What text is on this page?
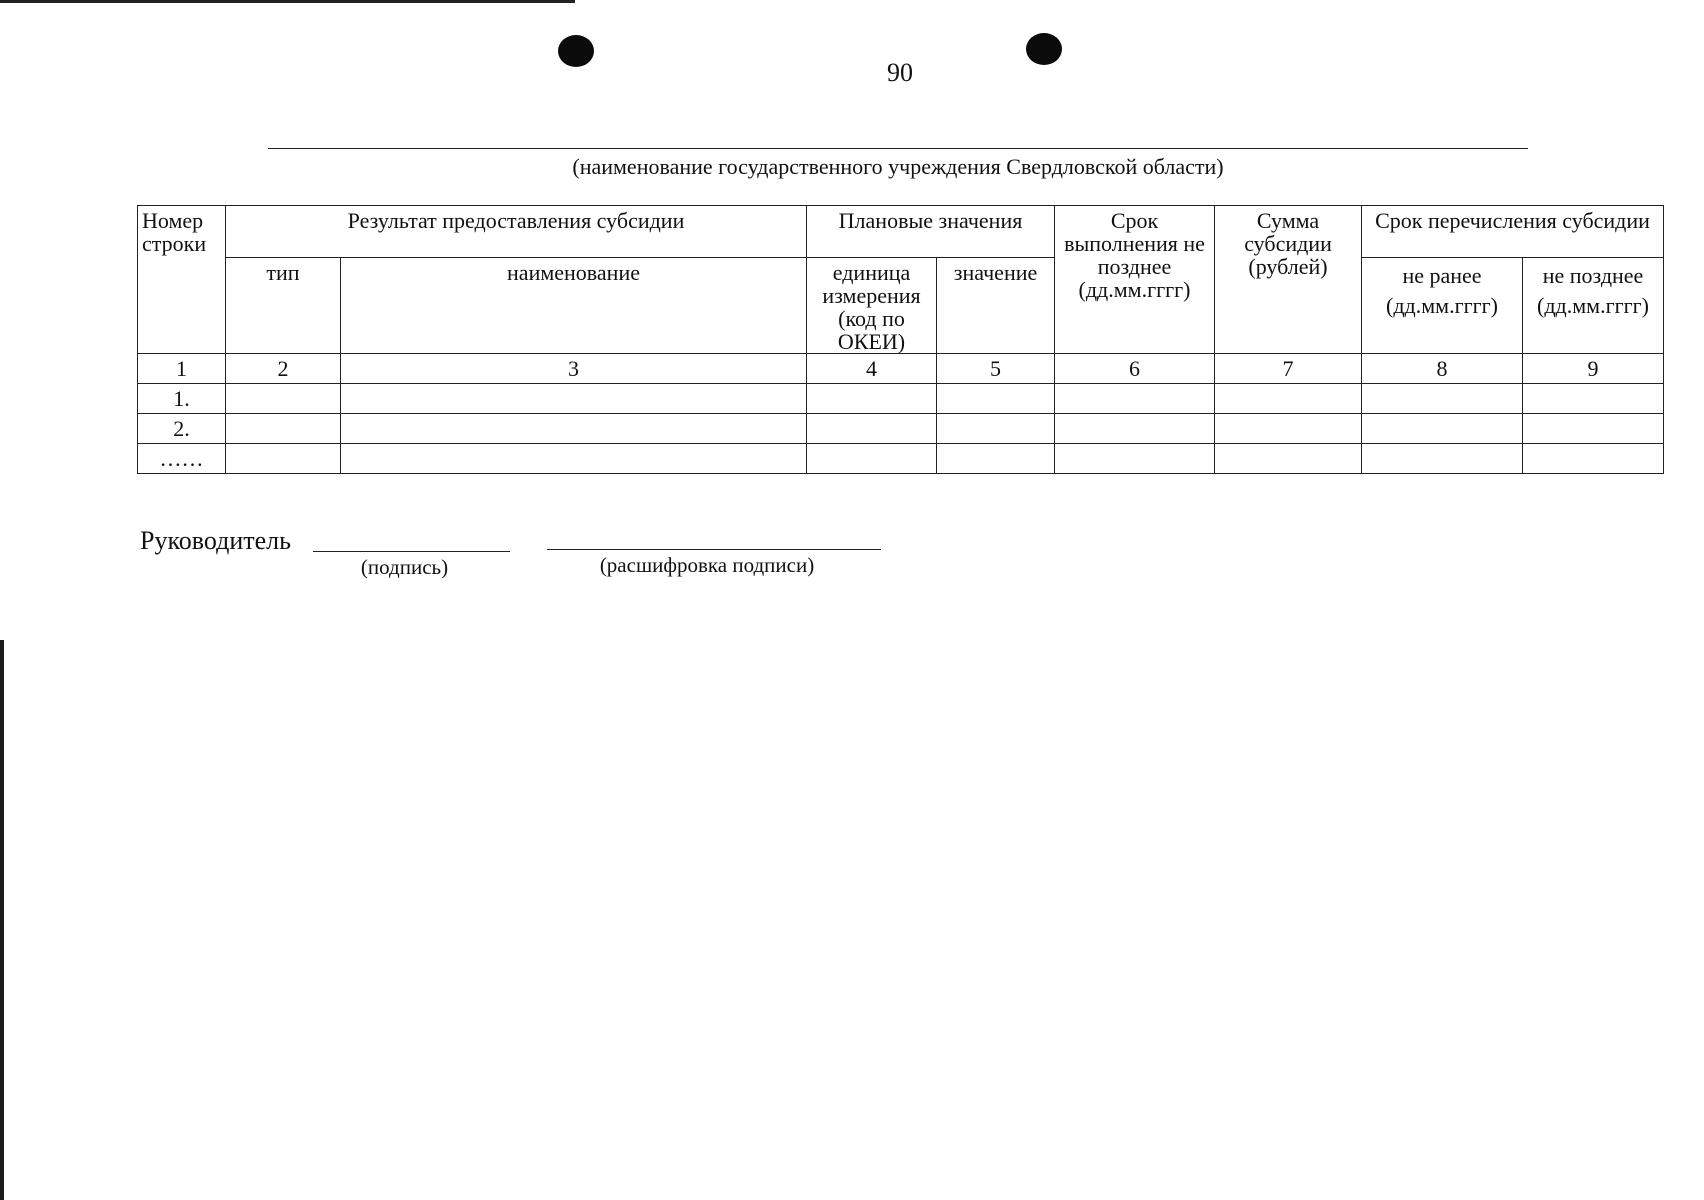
90
(наименование государственного учреждения Свердловской области)
Номер строки	Результат предоставления субсидии		Плановые значения		Срок выполнения не позднее (дд.мм.гггг)	Сумма субсидии (рублей)	Срок перечисления субсидии	
	тип	наименование	единица измерения (код по ОКЕИ)	значение			не ранее (дд.мм.гггг)	не позднее (дд.мм.гггг)
1	2	3	4	5	6	7	8	9
1.								
2.								
……								
Руководитель
(подпись)	(расшифровка подписи)
